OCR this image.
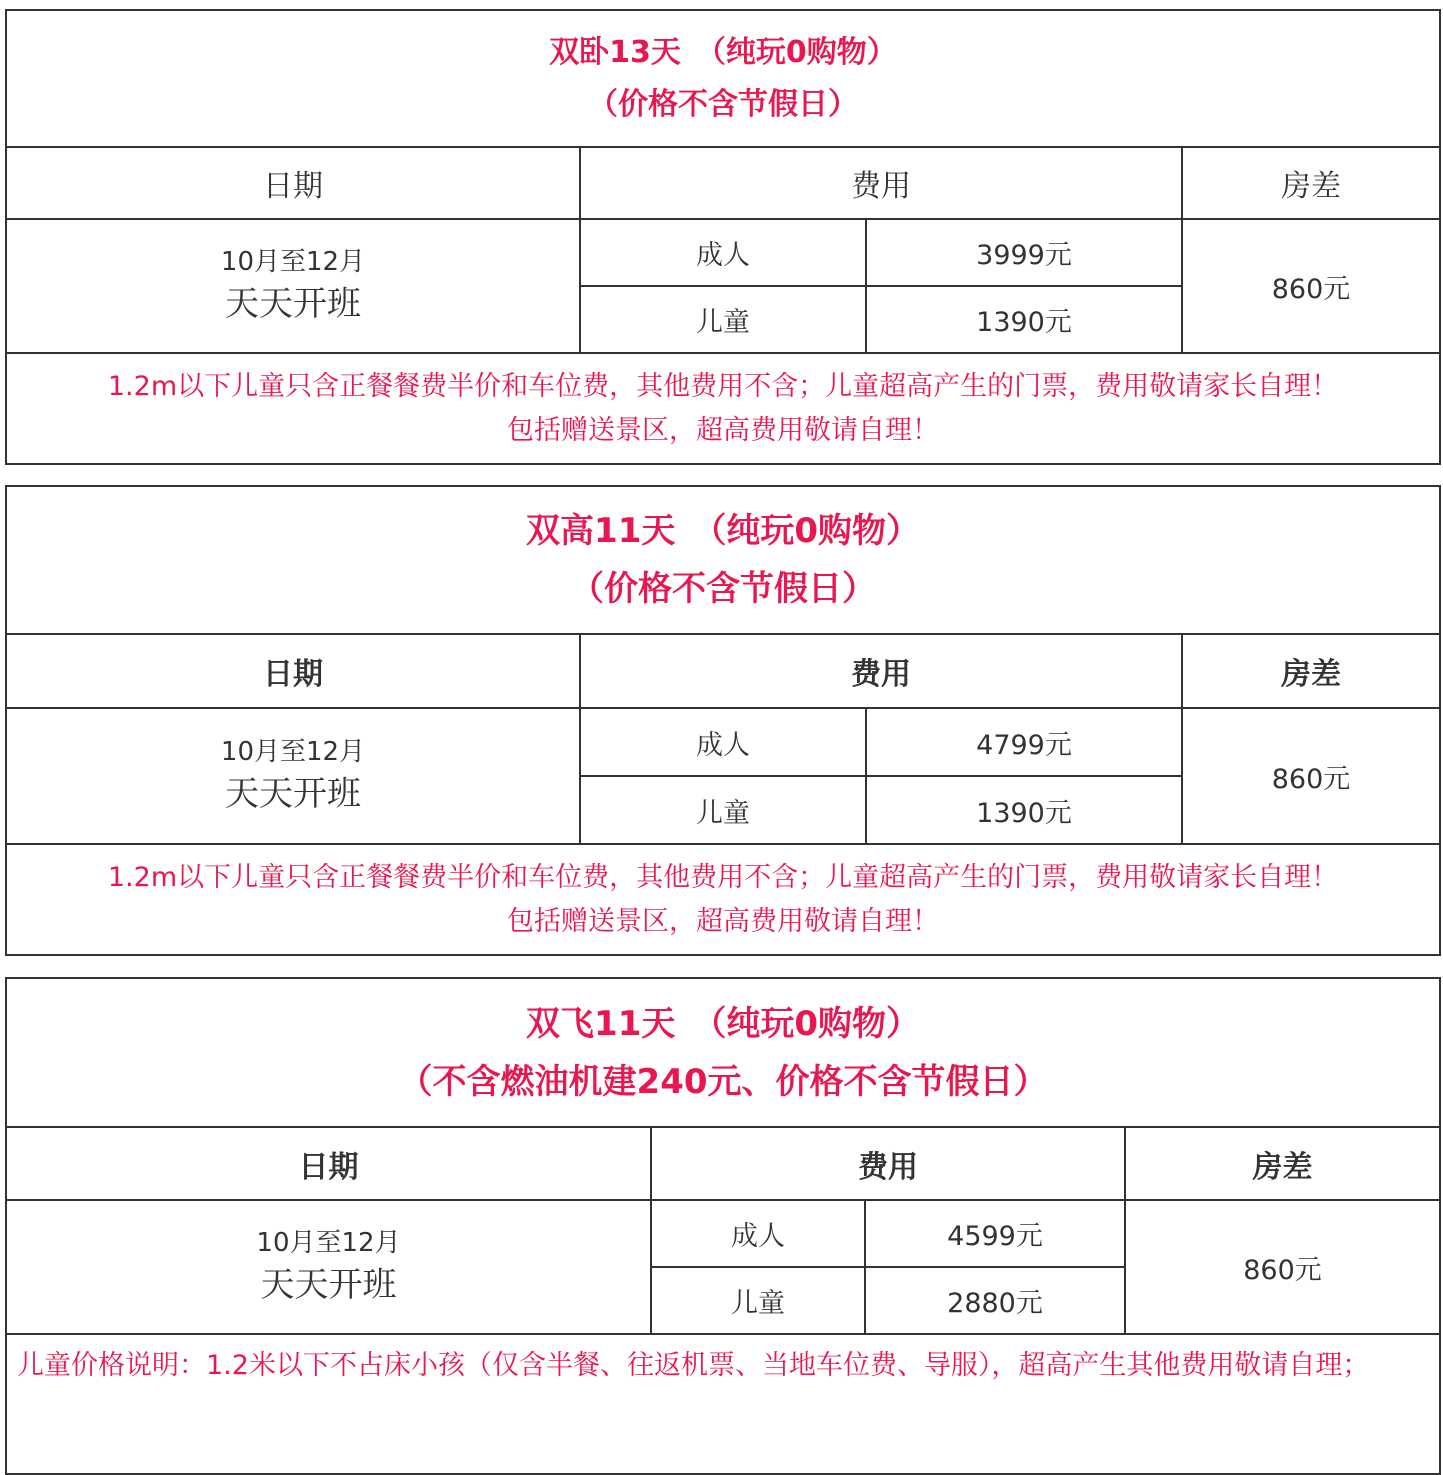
双卧13天　（纯玩0购物）
（价格不含节假日）			

日期	费用		房差

10月至12月
天天开班	成人	3999元	860元
	儿童	1390元	

1.2m以下儿童只含正餐餐费半价和车位费，其他费用不含；儿童超高产生的门票，费用敬请家长自理！
包括赠送景区，超高费用敬请自理！			
双高11天　（纯玩0购物）
（价格不含节假日）			

日期	费用		房差

10月至12月
天天开班	成人	4799元	860元
	儿童	1390元	

1.2m以下儿童只含正餐餐费半价和车位费，其他费用不含；儿童超高产生的门票，费用敬请家长自理！
包括赠送景区，超高费用敬请自理！			
双飞11天　（纯玩0购物）
（不含燃油机建240元、价格不含节假日）			

日期	费用		房差

10月至12月
天天开班	成人	4599元	860元
	儿童	2880元	
儿童价格说明：1.2米以下不占床小孩（仅含半餐、往返机票、当地车位费、导服），超高产生其他费用敬请自理；			
